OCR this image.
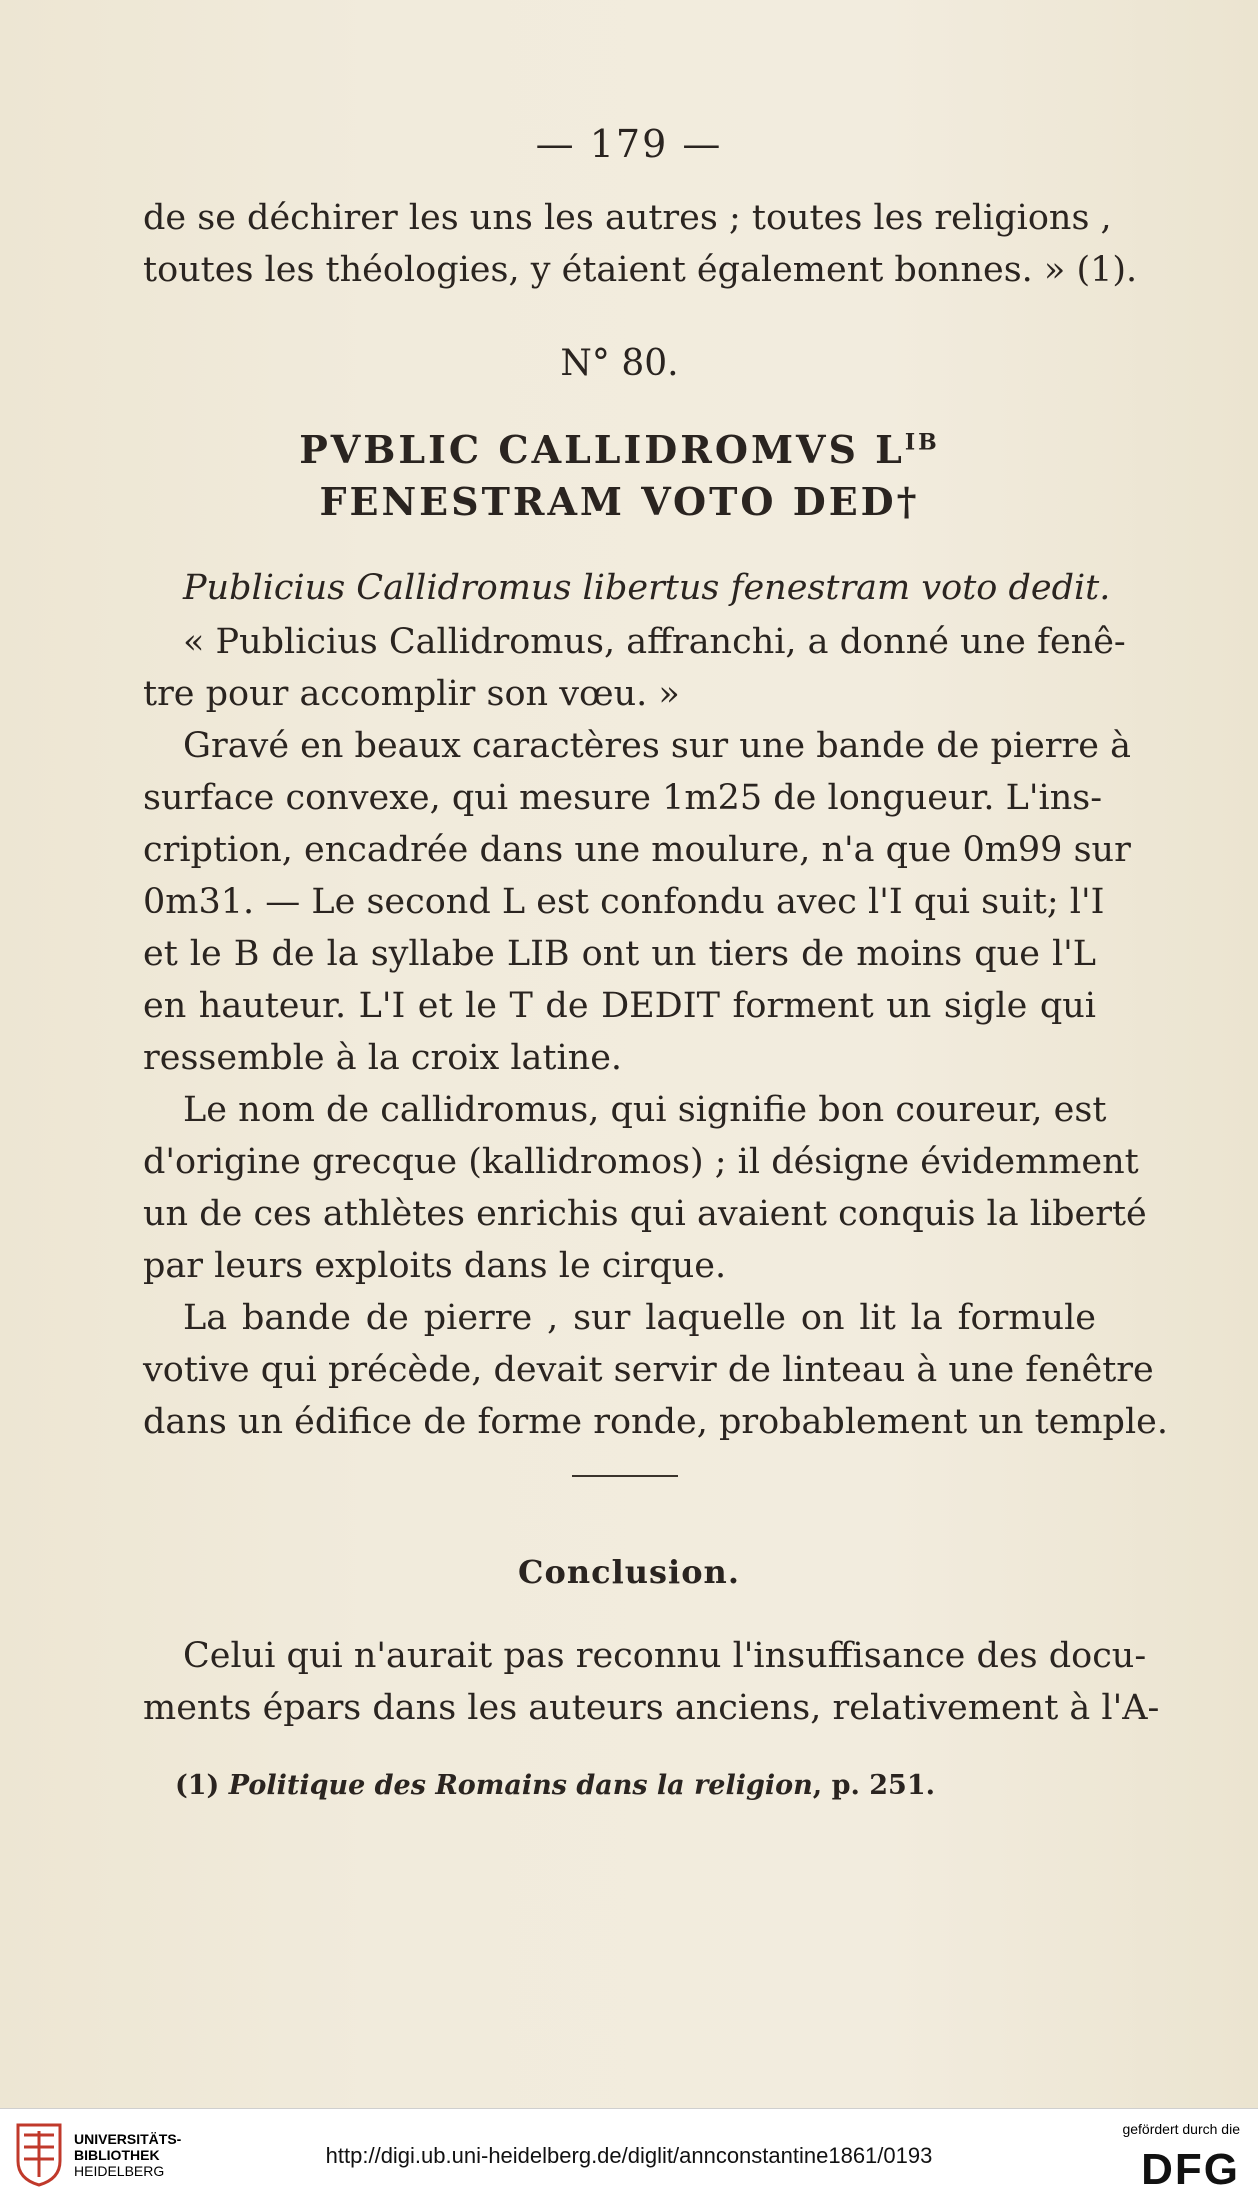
— 179 —
de se déchirer les uns les autres ; toutes les religions ,
toutes les théologies, y étaient également bonnes. » (1).
N° 80.
PVBLIC CALLIDROMVS $L^{IB}$
FENESTRAM VOTO DED†
Publicius Callidromus libertus fenestram voto dedit.
« Publicius Callidromus, affranchi, a donné une fenê-
tre pour accomplir son vœu. »
Gravé en beaux caractères sur une bande de pierre à
surface convexe, qui mesure 1m25 de longueur. L'ins-
cription, encadrée dans une moulure, n'a que 0m99 sur
0m31. — Le second L est confondu avec l'I qui suit; l'I
et le B de la syllabe LIB ont un tiers de moins que l'L
en hauteur. L'I et le T de DEDIT forment un sigle qui
ressemble à la croix latine.
Le nom de callidromus, qui signifie bon coureur, est
d'origine grecque (kallidromos) ; il désigne évidemment
un de ces athlètes enrichis qui avaient conquis la liberté
par leurs exploits dans le cirque.
La bande de pierre , sur laquelle on lit la formule
votive qui précède, devait servir de linteau à une fenêtre
dans un édifice de forme ronde, probablement un temple.
Conclusion.
Celui qui n'aurait pas reconnu l'insuffisance des docu-
ments épars dans les auteurs anciens, relativement à l'A-
(1) Politique des Romains dans la religion, p. 251.
UNIVERSITÄTS-
BIBLIOTHEK
HEIDELBERG
http://digi.ub.uni-heidelberg.de/diglit/annconstantine1861/0193
gefördert durch die
DFG
